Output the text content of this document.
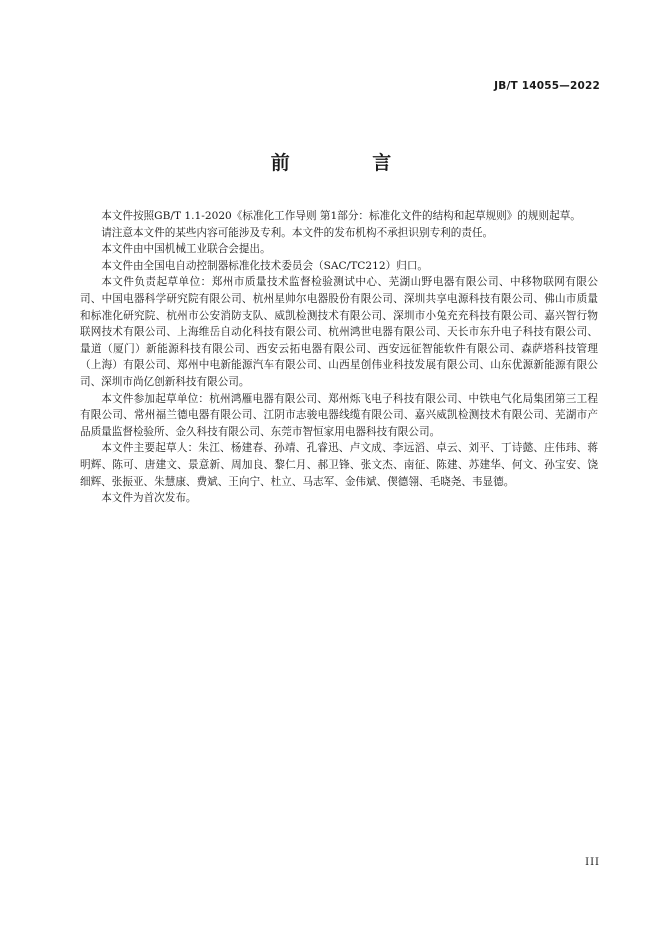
JB/T 14055—2022
前 言

本文件按照GB/T 1.1-2020《标准化工作导则 第1部分：标准化文件的结构和起草规则》的规则起草。

请注意本文件的某些内容可能涉及专利。本文件的发布机构不承担识别专利的责任。

本文件由中国机械工业联合会提出。

本文件由全国电自动控制器标准化技术委员会（SAC/TC212）归口。

本文件负责起草单位：郑州市质量技术监督检验测试中心、芜湖山野电器有限公司、中移物联网有限公司、中国电器科学研究院有限公司、杭州星帅尔电器股份有限公司、深圳共享电源科技有限公司、佛山市质量和标准化研究院、杭州市公安消防支队、威凯检测技术有限公司、深圳市小兔充充科技有限公司、嘉兴智行物联网技术有限公司、上海维岳自动化科技有限公司、杭州鸿世电器有限公司、天长市东升电子科技有限公司、量道（厦门）新能源科技有限公司、西安云拓电器有限公司、西安远征智能软件有限公司、森萨塔科技管理（上海）有限公司、郑州中电新能源汽车有限公司、山西星创伟业科技发展有限公司、山东优源新能源有限公司、深圳市尚亿创新科技有限公司。

本文件参加起草单位：杭州鸿雁电器有限公司、郑州烁飞电子科技有限公司、中铁电气化局集团第三工程有限公司、常州福兰德电器有限公司、江阴市志骏电器线缆有限公司、嘉兴威凯检测技术有限公司、芜湖市产品质量监督检验所、金久科技有限公司、东莞市智恒家用电器科技有限公司。

本文件主要起草人：朱江、杨建春、孙靖、孔睿迅、卢文成、李远滔、卓云、刘平、丁诗懿、庄伟玮、蒋明辉、陈可、唐建文、景意新、周加良、黎仁月、郝卫锋、张文杰、南征、陈建、苏建华、何文、孙宝安、饶细辉、张振亚、朱慧康、费斌、王向宁、杜立、马志军、金伟斌、偰德翎、毛晓尧、韦显德。

本文件为首次发布。

III
